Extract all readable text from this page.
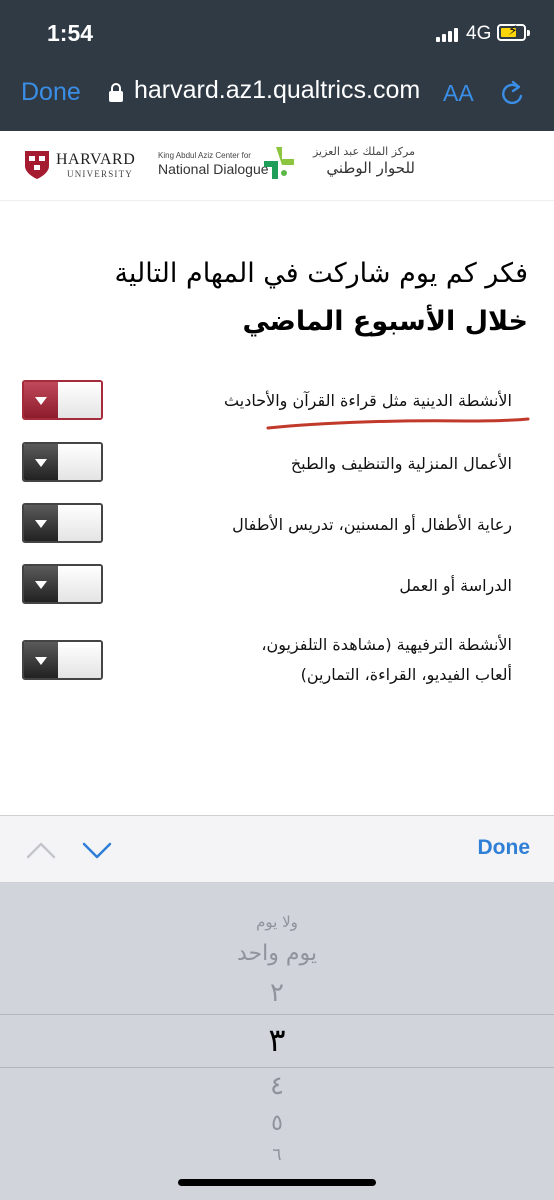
1:54	4G ⚡
Done harvard.az1.qualtrics.com AA
HARVARD
UNIVERSITY
King Abdul Aziz Center for
National Dialogue
مركز الملك عبد العزيز
للحوار الوطني
فكر كم يوم شاركت في المهام التالية خلال الأسبوع الماضي
الأنشطة الدينية مثل قراءة القرآن والأحاديث
الأعمال المنزلية والتنظيف والطبخ
رعاية الأطفال أو المسنين، تدريس الأطفال
الدراسة أو العمل
الأنشطة الترفيهية (مشاهدة التلفزيون، ألعاب الفيديو، القراءة، التمارين)
Done
ولا يوم
يوم واحد
٢
٣
٤
٥
٦
